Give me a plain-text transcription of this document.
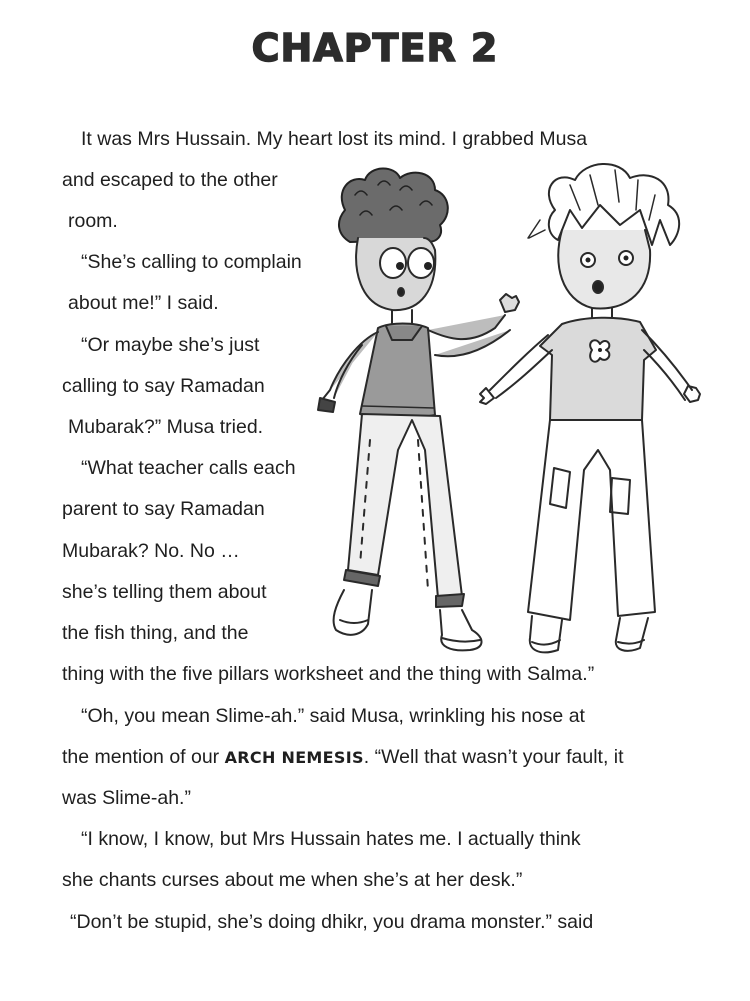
CHAPTER 2
It was Mrs Hussain. My heart lost its mind. I grabbed Musa
and escaped to the other
room.
“She’s calling to complain
about me!” I said.
“Or maybe she’s just
calling to say Ramadan
Mubarak?” Musa tried.
“What teacher calls each
parent to say Ramadan
Mubarak? No. No …
she’s telling them about
the fish thing, and the
thing with the five pillars worksheet and the thing with Salma.”
“Oh, you mean Slime-ah.” said Musa, wrinkling his nose at
the mention of our ARCH NEMESIS. “Well that wasn’t your fault, it
was Slime-ah.”
“I know, I know, but Mrs Hussain hates me. I actually think
she chants curses about me when she’s at her desk.”
“Don’t be stupid, she’s doing dhikr, you drama monster.” said
